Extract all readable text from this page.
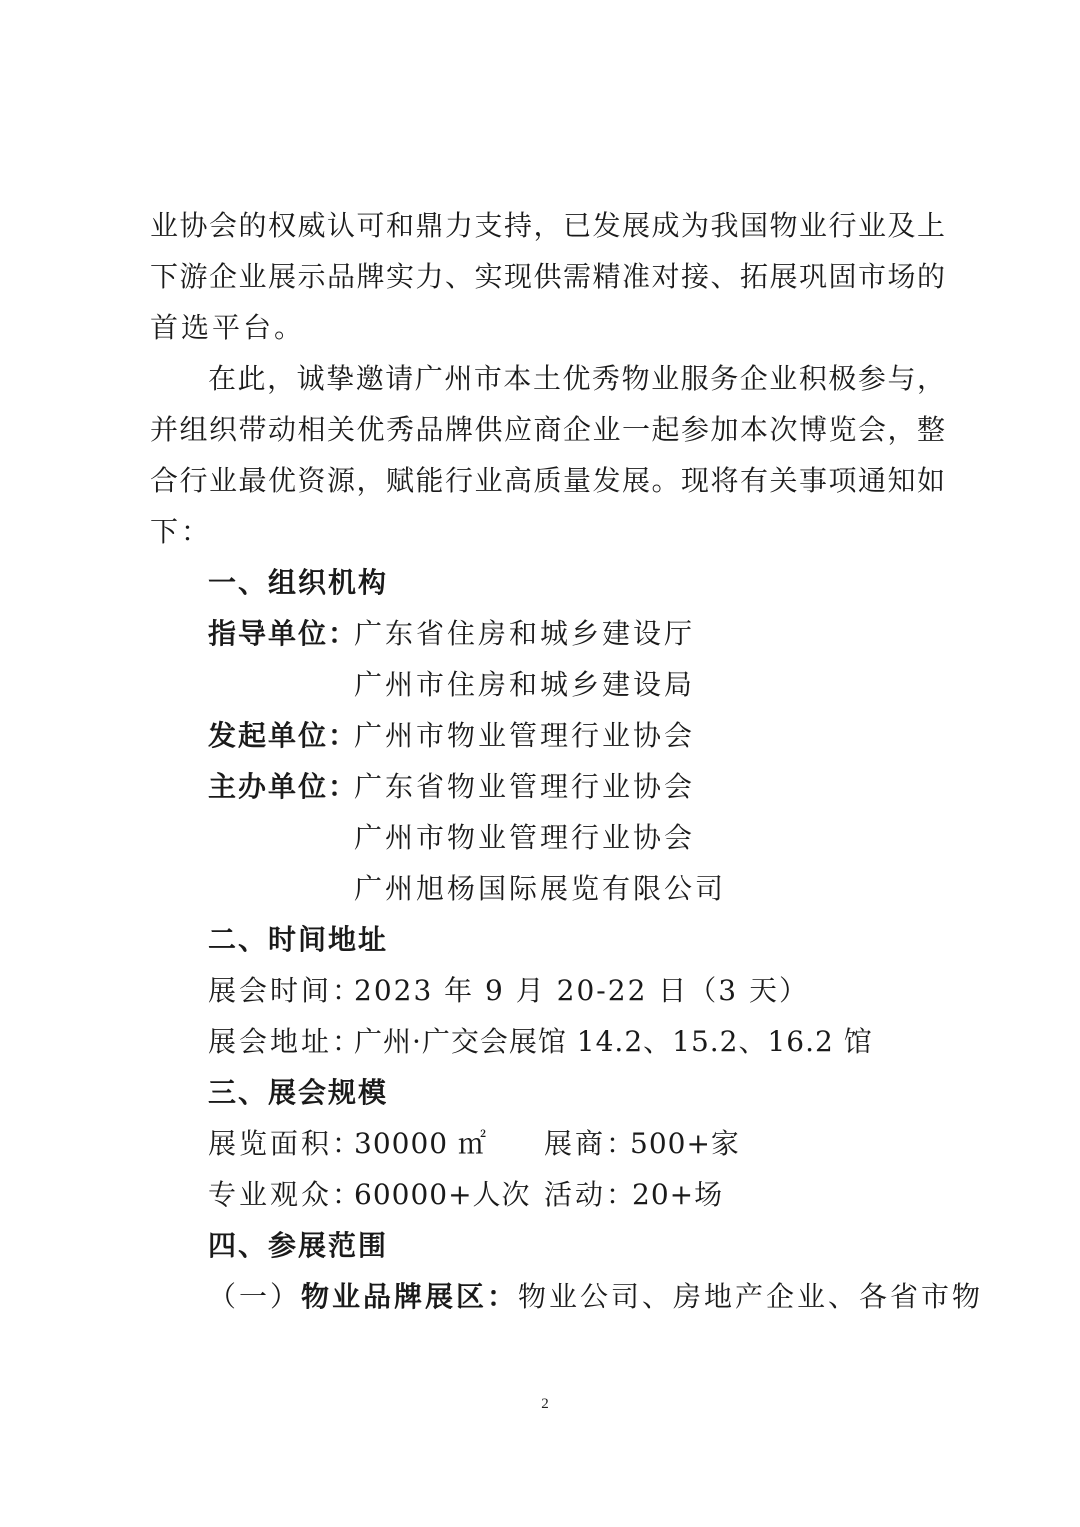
业协会的权威认可和鼎力支持，已发展成为我国物业行业及上
下游企业展示品牌实力、实现供需精准对接、拓展巩固市场的
首选平台。
在此，诚挚邀请广州市本土优秀物业服务企业积极参与，
并组织带动相关优秀品牌供应商企业一起参加本次博览会，整
合行业最优资源，赋能行业高质量发展。现将有关事项通知如
下：
一、组织机构
指导单位：
广东省住房和城乡建设厅
广州市住房和城乡建设局
发起单位：
广州市物业管理行业协会
主办单位：
广东省物业管理行业协会
广州市物业管理行业协会
广州旭杨国际展览有限公司
二、时间地址
展会时间：
2023 年 9 月 20-22 日（3 天）
展会地址：
广州·广交会展馆 14.2、15.2、16.2 馆
三、展会规模
展览面积：
30000 ㎡ 展商：
500+家
专业观众：
60000+人次 活动：
20+场
四、参展范围
（一）物业品牌展区：物业公司、房地产企业、各省市物
2
